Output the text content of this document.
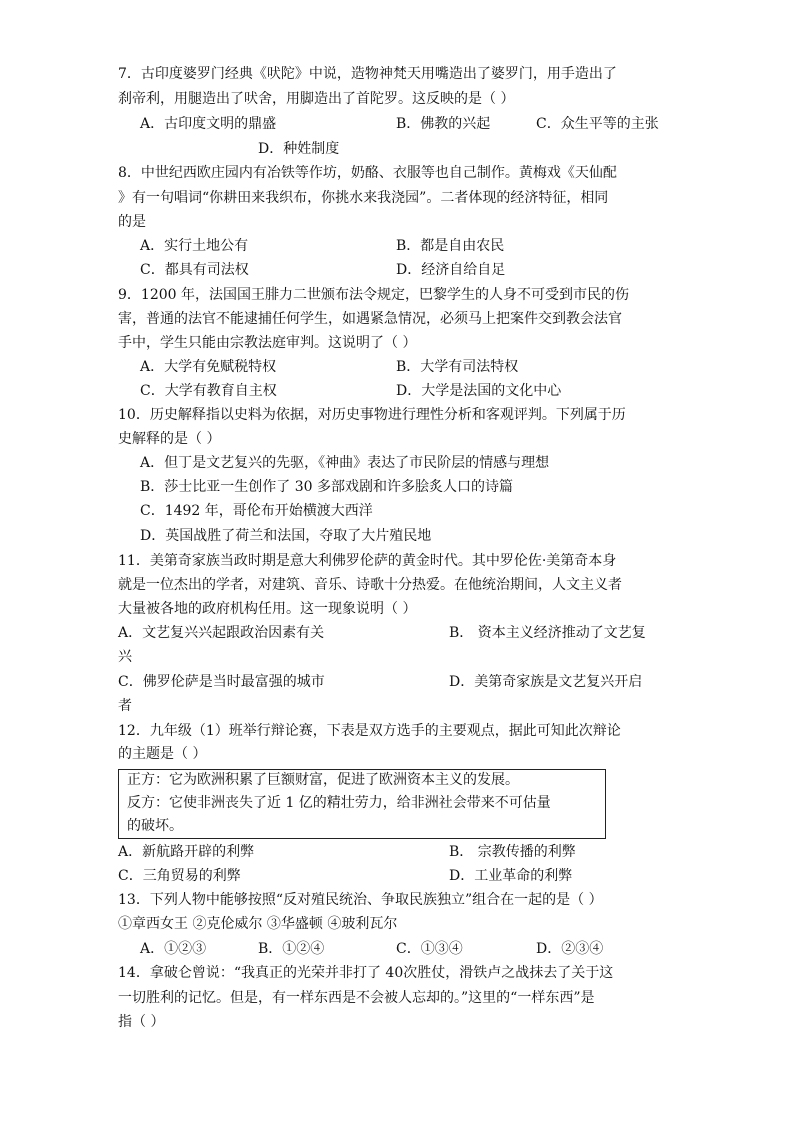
7．古印度婆罗门经典《吠陀》中说，造物神梵天用嘴造出了婆罗门，用手造出了
刹帝利，用腿造出了吠舍，用脚造出了首陀罗。这反映的是（ ）
A．古印度文明的鼎盛	B．佛教的兴起	C．众生平等的主张
D．种姓制度
8．中世纪西欧庄园内有冶铁等作坊，奶酪、衣服等也自己制作。黄梅戏《天仙配
》有一句唱词“你耕田来我织布，你挑水来我浇园”。二者体现的经济特征，相同
的是
A．实行土地公有	B．都是自由农民
C．都具有司法权	D．经济自给自足
9．1200 年，法国国王腓力二世颁布法令规定，巴黎学生的人身不可受到市民的伤
害，普通的法官不能逮捕任何学生，如遇紧急情况，必须马上把案件交到教会法官
手中，学生只能由宗教法庭审判。这说明了（ ）
A．大学有免赋税特权	B．大学有司法特权
C．大学有教育自主权	D．大学是法国的文化中心
10．历史解释指以史料为依据，对历史事物进行理性分析和客观评判。下列属于历
史解释的是（ ）
A．但丁是文艺复兴的先驱，《神曲》表达了市民阶层的情感与理想
B．莎士比亚一生创作了 30 多部戏剧和许多脍炙人口的诗篇
C．1492 年，哥伦布开始横渡大西洋
D．英国战胜了荷兰和法国，夺取了大片殖民地
11．美第奇家族当政时期是意大利佛罗伦萨的黄金时代。其中罗伦佐·美第奇本身
就是一位杰出的学者，对建筑、音乐、诗歌十分热爱。在他统治期间，人文主义者
大量被各地的政府机构任用。这一现象说明（ ）
A．文艺复兴兴起跟政治因素有关	B． 资本主义经济推动了文艺复
兴
C．佛罗伦萨是当时最富强的城市	D．美第奇家族是文艺复兴开启
者
12．九年级（1）班举行辩论赛，下表是双方选手的主要观点，据此可知此次辩论
的主题是（ ）
正方：它为欧洲积累了巨额财富，促进了欧洲资本主义的发展。
反方：它使非洲丧失了近 1 亿的精壮劳力，给非洲社会带来不可估量
的破坏。
A．新航路开辟的利弊	B． 宗教传播的利弊
C．三角贸易的利弊	D．工业革命的利弊
13．下列人物中能够按照“反对殖民统治、争取民族独立”组合在一起的是（ ）
①章西女王 ②克伦威尔 ③华盛顿 ④玻利瓦尔
A．①②③	B．①②④	C．①③④	D．②③④
14．拿破仑曾说：“我真正的光荣并非打了 40次胜仗，滑铁卢之战抹去了关于这
一切胜利的记忆。但是，有一样东西是不会被人忘却的。”这里的“一样东西”是
指（ ）
